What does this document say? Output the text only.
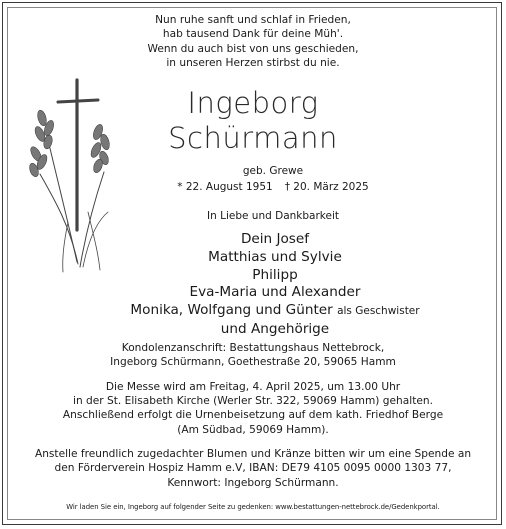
Nun ruhe sanft und schlaf in Frieden,
hab tausend Dank für deine Müh'.
Wenn du auch bist von uns geschieden,
in unseren Herzen stirbst du nie.
Ingeborg
Schürmann
geb. Grewe
* 22. August 1951 † 20. März 2025
In Liebe und Dankbarkeit
Dein Josef
Matthias und Sylvie
Philipp
Eva-Maria und Alexander
Monika, Wolfgang und Günter als Geschwister
und Angehörige
Kondolenzanschrift: Bestattungshaus Nettebrock,
Ingeborg Schürmann, Goethestraße 20, 59065 Hamm
Die Messe wird am Freitag, 4. April 2025, um 13.00 Uhr
in der St. Elisabeth Kirche (Werler Str. 322, 59069 Hamm) gehalten.
Anschließend erfolgt die Urnenbeisetzung auf dem kath. Friedhof Berge
(Am Südbad, 59069 Hamm).
Anstelle freundlich zugedachter Blumen und Kränze bitten wir um eine Spende an
den Förderverein Hospiz Hamm e.V, IBAN: DE79 4105 0095 0000 1303 77,
Kennwort: Ingeborg Schürmann.
Wir laden Sie ein, Ingeborg auf folgender Seite zu gedenken: www.bestattungen-nettebrock.de/Gedenkportal.
